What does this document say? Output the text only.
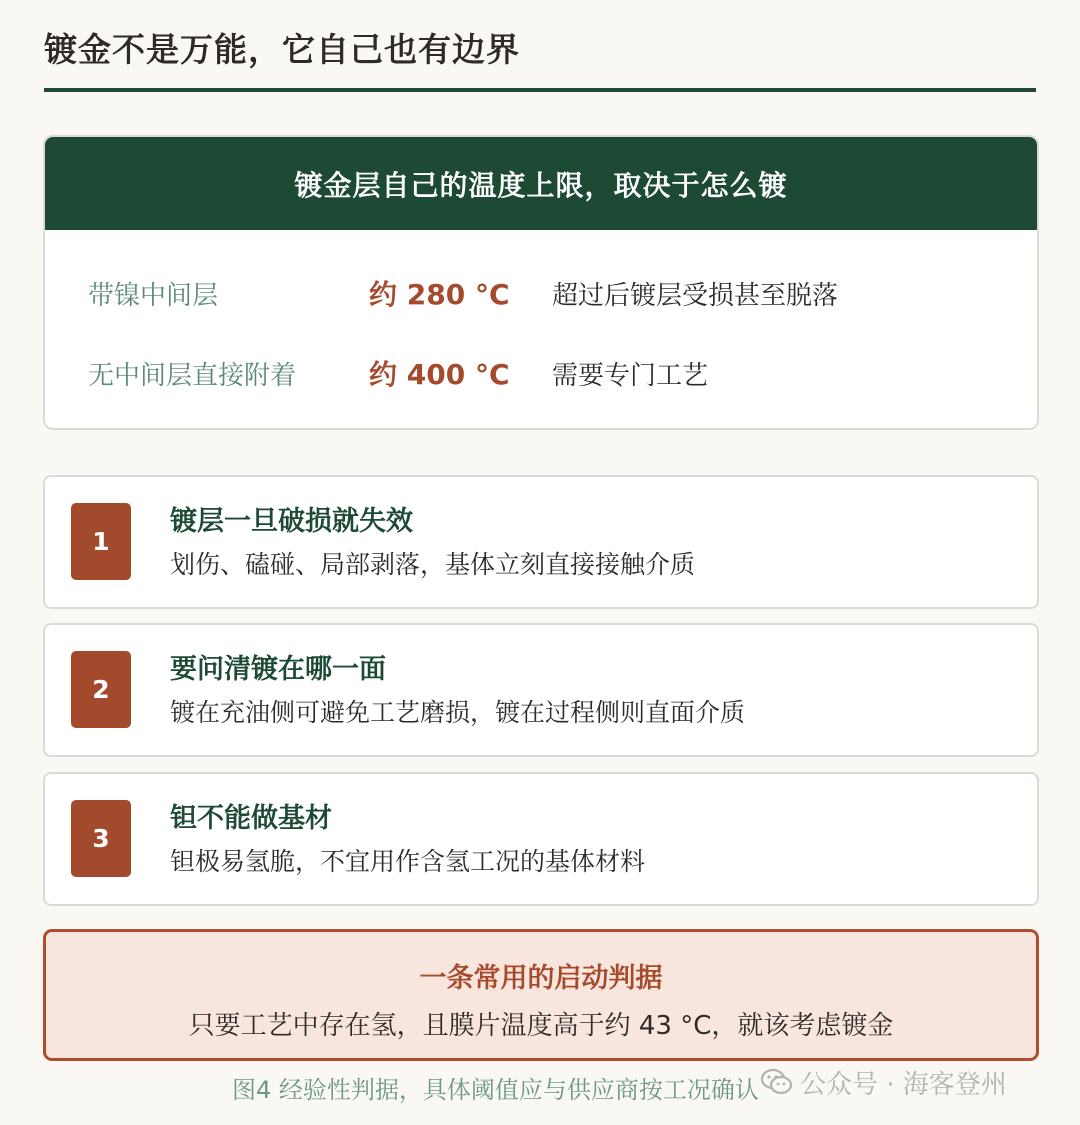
镀金不是万能，它自己也有边界
镀金层自己的温度上限，取决于怎么镀
带镍中间层	约 280 °C 超过后镀层受损甚至脱落
无中间层直接附着	约 400 °C 需要专门工艺
1
镀层一旦破损就失效
划伤、磕碰、局部剥落，基体立刻直接接触介质
2
要问清镀在哪一面
镀在充油侧可避免工艺磨损，镀在过程侧则直面介质
3
钽不能做基材
钽极易氢脆，不宜用作含氢工况的基体材料
一条常用的启动判据
只要工艺中存在氢，且膜片温度高于约 43 °C，就该考虑镀金
图4 经验性判据，具体阈值应与供应商按工况确认 公众号 · 海客登州
